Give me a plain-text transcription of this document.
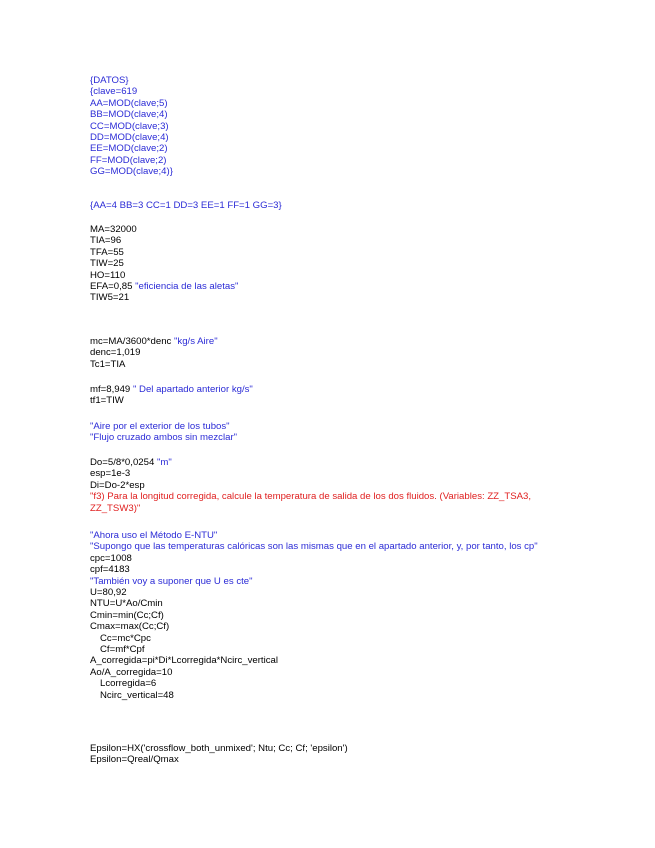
{DATOS}
{clave=619
AA=MOD(clave;5)
BB=MOD(clave;4)
CC=MOD(clave;3)
DD=MOD(clave;4)
EE=MOD(clave;2)
FF=MOD(clave;2)
GG=MOD(clave;4)}
{AA=4 BB=3 CC=1 DD=3 EE=1 FF=1 GG=3}
MA=32000
TIA=96
TFA=55
TIW=25
HO=110
EFA=0,85 "eficiencia de las aletas"
TIW5=21
mc=MA/3600*denc "kg/s Aire"
denc=1,019
Tc1=TIA
mf=8,949 " Del apartado anterior kg/s"
tf1=TIW
"Aire por el exterior de los tubos"
"Flujo cruzado ambos sin mezclar"
Do=5/8*0,0254 "m"
esp=1e-3
Di=Do-2*esp
"f3) Para la longitud corregida, calcule la temperatura de salida de los dos fluidos. (Variables: ZZ_TSA3, ZZ_TSW3)"
"Ahora uso el Método E-NTU"
"Supongo que las temperaturas calóricas son las mismas que en el apartado anterior, y, por tanto, los cp"
cpc=1008
cpf=4183
"También voy a suponer que U es cte"
U=80,92
NTU=U*Ao/Cmin
Cmin=min(Cc;Cf)
Cmax=max(Cc;Cf)
Cc=mc*Cpc
Cf=mf*Cpf
A_corregida=pi*Di*Lcorregida*Ncirc_vertical
Ao/A_corregida=10
Lcorregida=6
Ncirc_vertical=48
Epsilon=HX('crossflow_both_unmixed'; Ntu; Cc; Cf; 'epsilon')
Epsilon=Qreal/Qmax
